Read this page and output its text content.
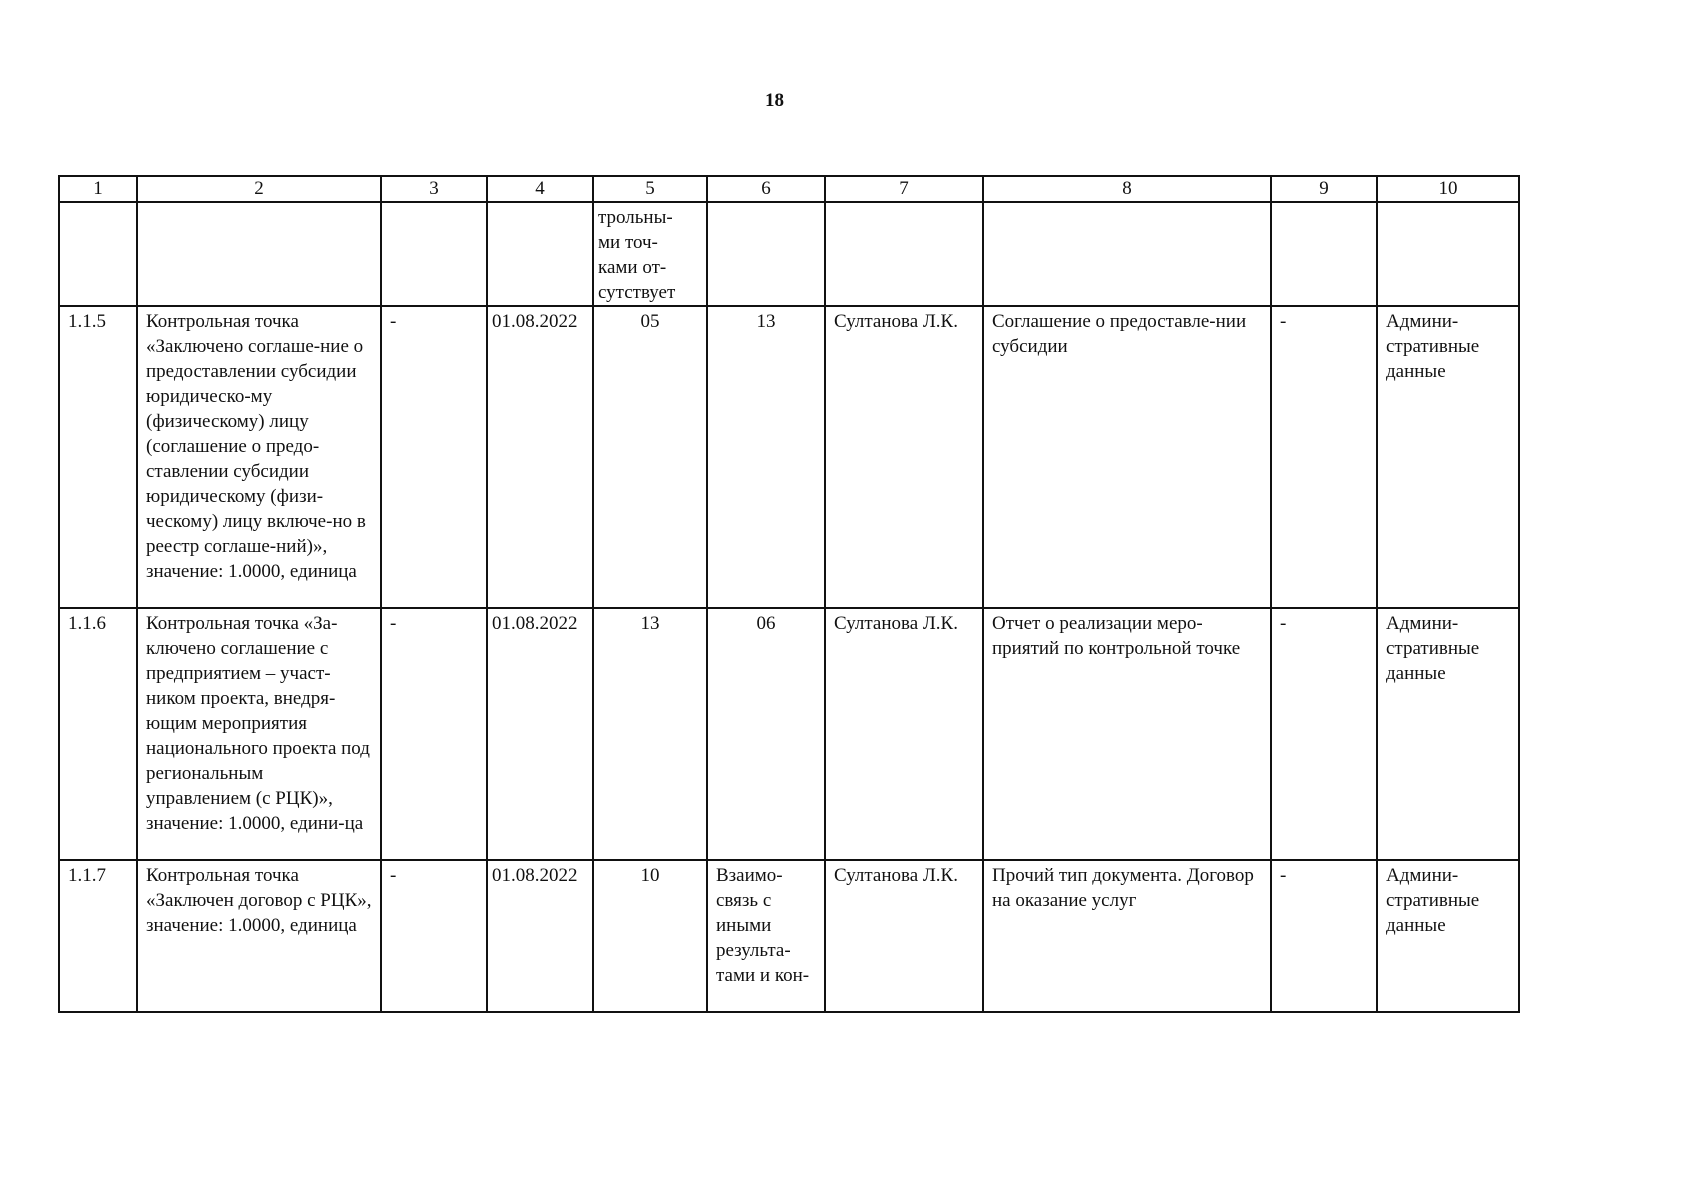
18
1	2	3	4	5	6	7	8	9	10
				трольны-
ми точ-
ками от-
сутствует					
1.1.5	Контрольная точка «Заключено соглаше-ние о предоставлении субсидии юридическо-му (физическому) лицу (соглашение о предо-ставлении субсидии юридическому (физи-ческому) лицу включе-но в реестр соглаше-ний)», значение: 1.0000, единица	-	01.08.2022	05	13	Султанова Л.К.	Соглашение о предоставле-нии субсидии	-	Админи-стративные данные
1.1.6	Контрольная точка «За-ключено соглашение с предприятием – участ-ником проекта, внедря-ющим мероприятия национального проекта под региональным управлением (с РЦК)», значение: 1.0000, едини-ца	-	01.08.2022	13	06	Султанова Л.К.	Отчет о реализации меро-приятий по контрольной точке	-	Админи-стративные данные
1.1.7	Контрольная точка «Заключен договор с РЦК», значение: 1.0000, единица	-	01.08.2022	10	Взаимо-связь с иными результа-тами и кон-	Султанова Л.К.	Прочий тип документа. Договор на оказание услуг	-	Админи-стративные данные
